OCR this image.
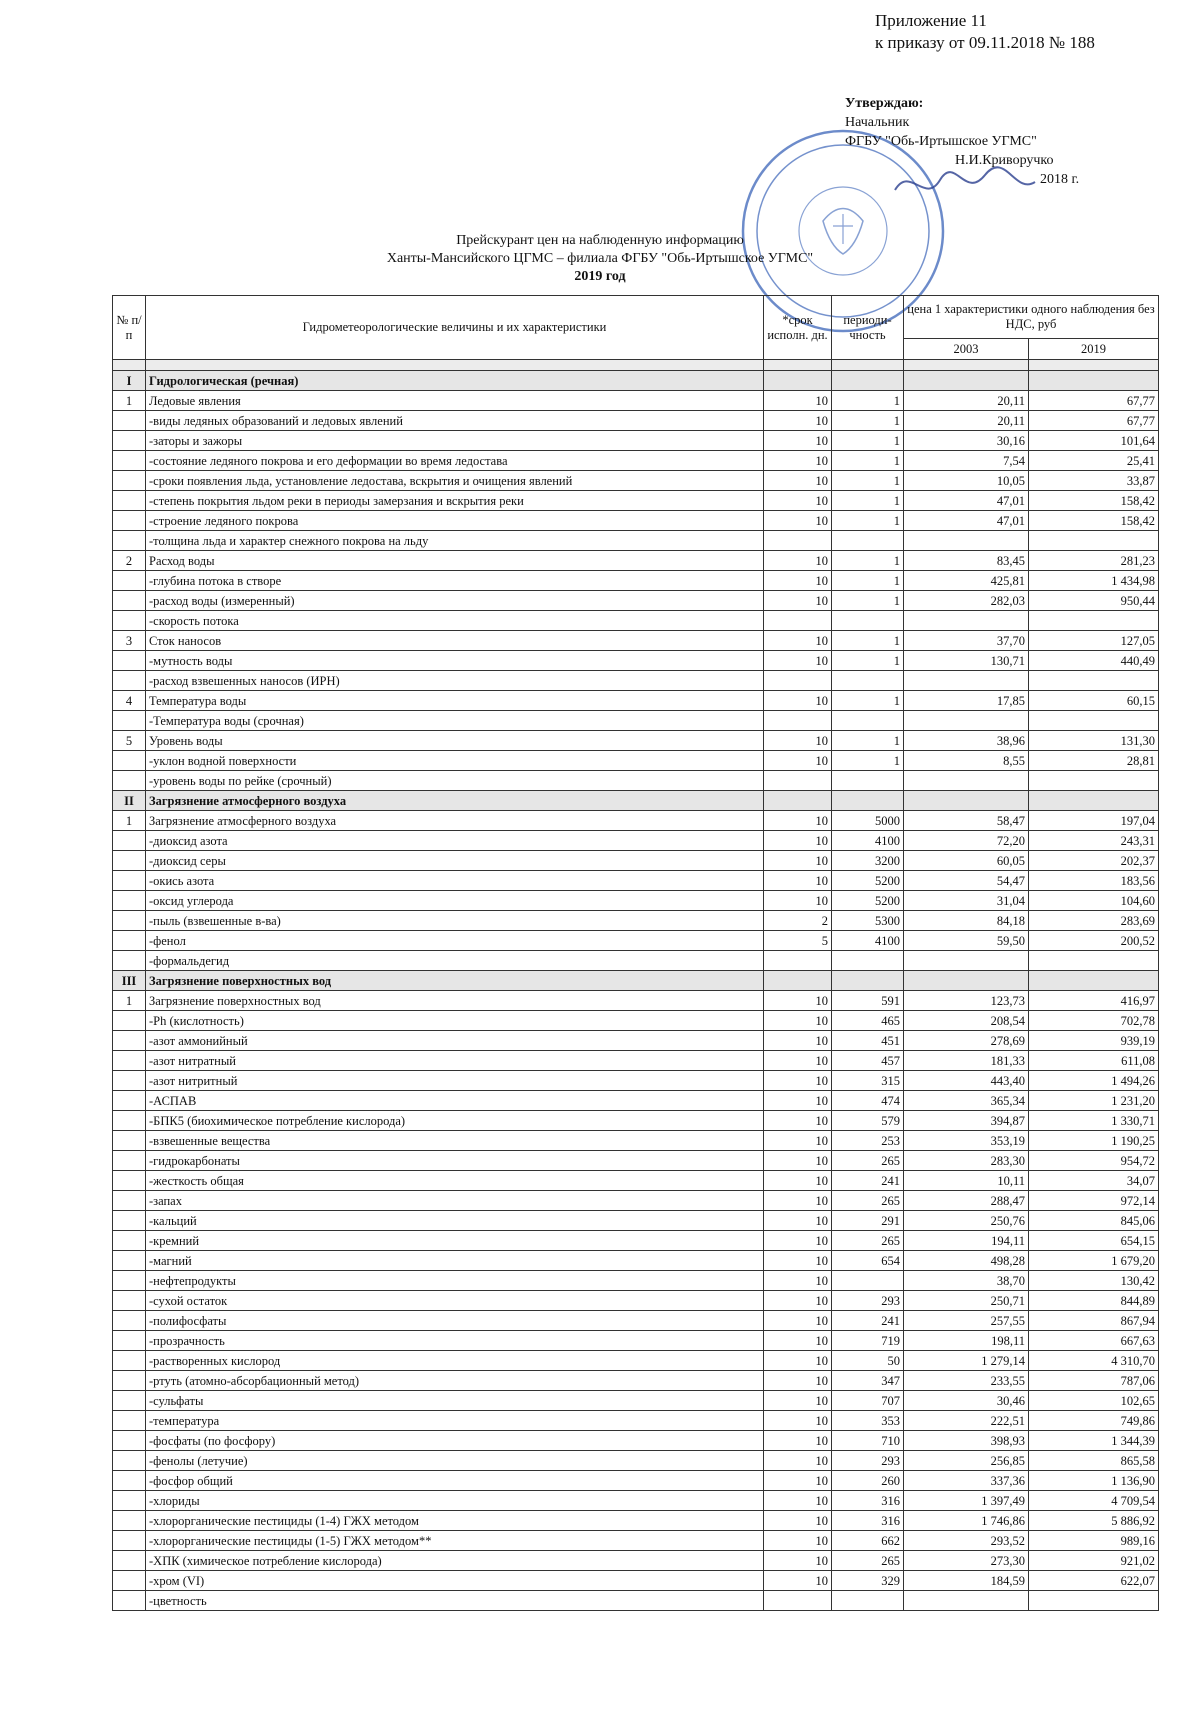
Приложение 11
к приказу от 09.11.2018 № 188
Утверждаю:
Начальник
ФГБУ "Обь-Иртышское УГМС"
Н.И.Криворучко
2018 г.
Прейскурант цен на наблюденную информацию
Ханты-Мансийского ЦГМС – филиала ФГБУ "Обь-Иртышское УГМС"
2019 год
№ п/п	Гидрометеорологические величины и их характеристики	*срок исполн. дн.	периоди-чность	цена 1 характеристики одного наблюдения без НДС, руб	
				2003	2019

I	Гидрологическая (речная)				
1	Ледовые явления	10	1	20,11	67,77
	-виды ледяных образований и ледовых явлений	10	1	20,11	67,77
	-заторы и зажоры	10	1	30,16	101,64
	-состояние ледяного покрова и его деформации во время ледостава	10	1	7,54	25,41
	-сроки появления льда, установление ледостава, вскрытия и очищения явлений	10	1	10,05	33,87
	-степень покрытия льдом реки в периоды замерзания и вскрытия реки	10	1	47,01	158,42
	-строение ледяного покрова	10	1	47,01	158,42
	-толщина льда и характер снежного покрова на льду				
2	Расход воды	10	1	83,45	281,23
	-глубина потока в створе	10	1	425,81	1 434,98
	-расход воды (измеренный)	10	1	282,03	950,44
	-скорость потока				
3	Сток наносов	10	1	37,70	127,05
	-мутность воды	10	1	130,71	440,49
	-расход взвешенных наносов (ИРН)				
4	Температура воды	10	1	17,85	60,15
	-Температура воды (срочная)				
5	Уровень воды	10	1	38,96	131,30
	-уклон водной поверхности	10	1	8,55	28,81
	-уровень воды по рейке (срочный)				
II	Загрязнение атмосферного воздуха				
1	Загрязнение атмосферного воздуха	10	5000	58,47	197,04
	-диоксид азота	10	4100	72,20	243,31
	-диоксид серы	10	3200	60,05	202,37
	-окись азота	10	5200	54,47	183,56
	-оксид углерода	10	5200	31,04	104,60
	-пыль (взвешенные в-ва)	2	5300	84,18	283,69
	-фенол	5	4100	59,50	200,52
	-формальдегид				
III	Загрязнение поверхностных вод				
1	Загрязнение поверхностных вод	10	591	123,73	416,97
	-Ph (кислотность)	10	465	208,54	702,78
	-азот аммонийный	10	451	278,69	939,19
	-азот нитратный	10	457	181,33	611,08
	-азот нитритный	10	315	443,40	1 494,26
	-АСПАВ	10	474	365,34	1 231,20
	-БПК5 (биохимическое потребление кислорода)	10	579	394,87	1 330,71
	-взвешенные вещества	10	253	353,19	1 190,25
	-гидрокарбонаты	10	265	283,30	954,72
	-жесткость общая	10	241	10,11	34,07
	-запах	10	265	288,47	972,14
	-кальций	10	291	250,76	845,06
	-кремний	10	265	194,11	654,15
	-магний	10	654	498,28	1 679,20
	-нефтепродукты	10		38,70	130,42
	-сухой остаток	10	293	250,71	844,89
	-полифосфаты	10	241	257,55	867,94
	-прозрачность	10	719	198,11	667,63
	-растворенных кислород	10	50	1 279,14	4 310,70
	-ртуть (атомно-абсорбационный метод)	10	347	233,55	787,06
	-сульфаты	10	707	30,46	102,65
	-температура	10	353	222,51	749,86
	-фосфаты (по фосфору)	10	710	398,93	1 344,39
	-фенолы (летучие)	10	293	256,85	865,58
	-фосфор общий	10	260	337,36	1 136,90
	-хлориды	10	316	1 397,49	4 709,54
	-хлорорганические пестициды (1-4) ГЖХ методом	10	316	1 746,86	5 886,92
	-хлорорганические пестициды (1-5) ГЖХ методом**	10	662	293,52	989,16
	-ХПК (химическое потребление кислорода)	10	265	273,30	921,02
	-хром (VI)	10	329	184,59	622,07
	-цветность				
